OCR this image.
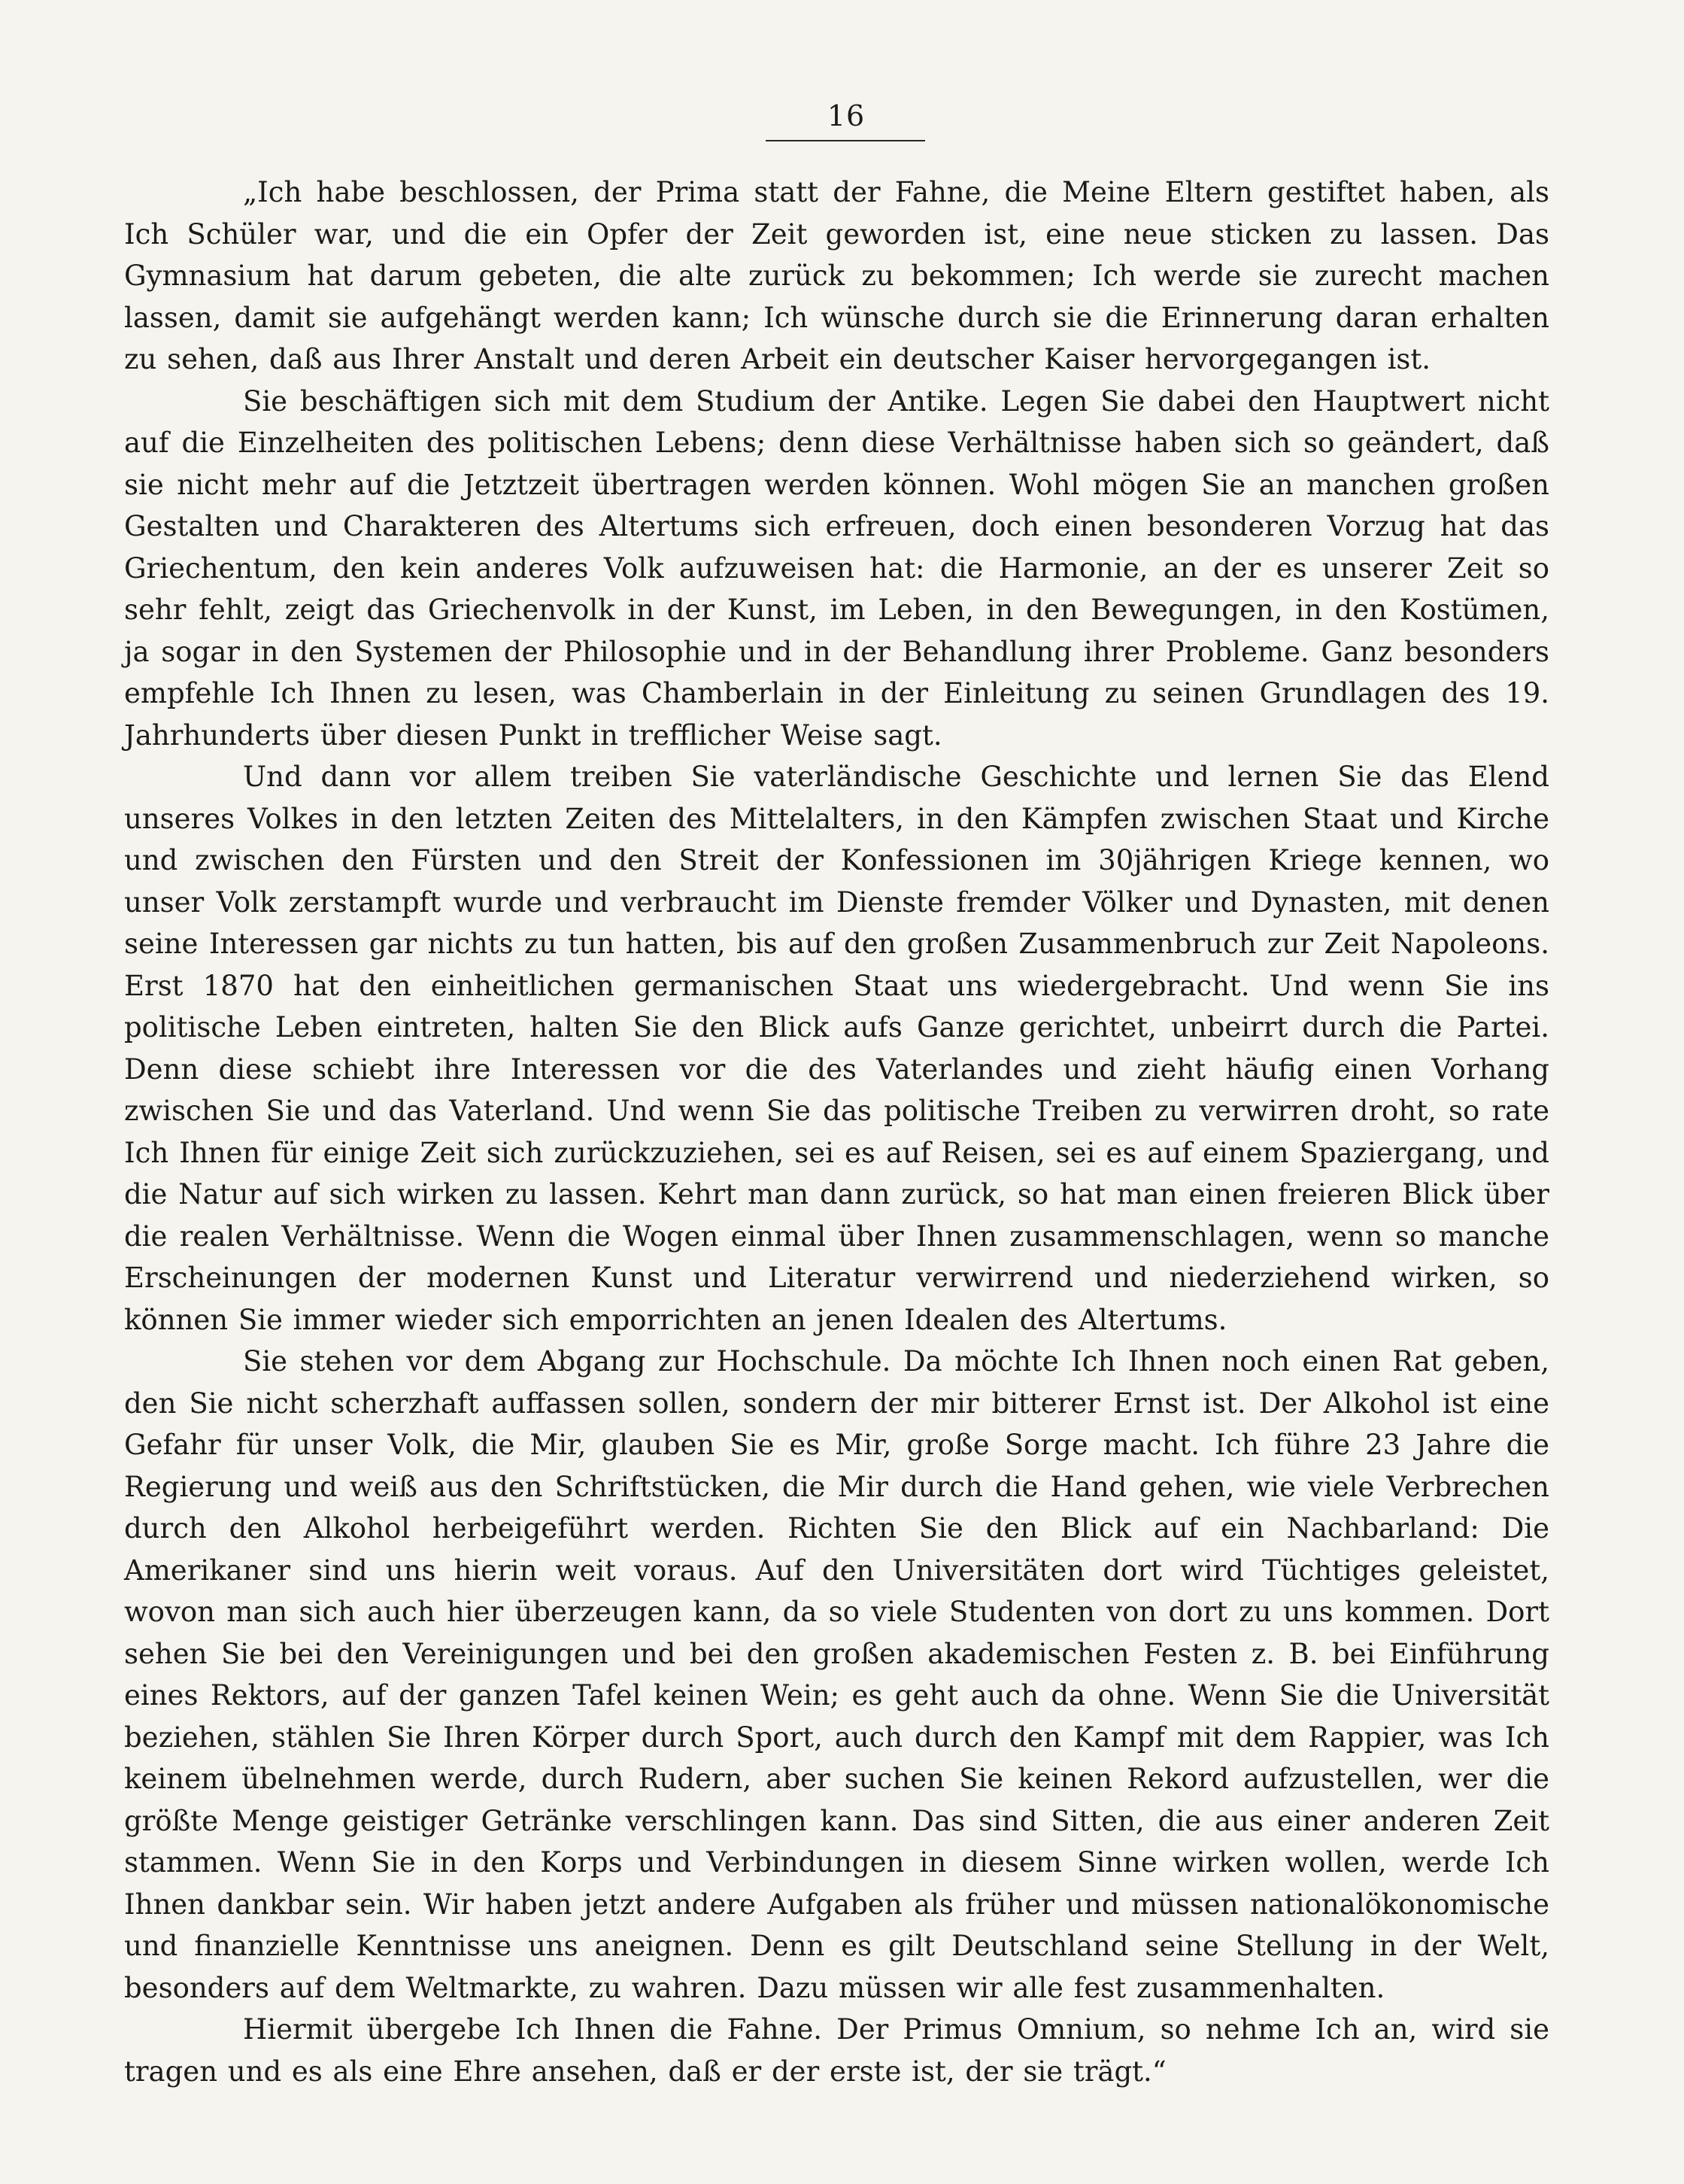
16

„Ich habe beschlossen, der Prima statt der Fahne, die Meine Eltern gestiftet haben, als Ich Schüler war, und die ein Opfer der Zeit geworden ist, eine neue sticken zu lassen. Das Gymnasium hat darum gebeten, die alte zurück zu bekommen; Ich werde sie zurecht machen lassen, damit sie aufgehängt werden kann; Ich wünsche durch sie die Erinnerung daran erhalten zu sehen, daß aus Ihrer Anstalt und deren Arbeit ein deutscher Kaiser hervorgegangen ist.

Sie beschäftigen sich mit dem Studium der Antike. Legen Sie dabei den Hauptwert nicht auf die Einzelheiten des politischen Lebens; denn diese Verhältnisse haben sich so geändert, daß sie nicht mehr auf die Jetztzeit übertragen werden können. Wohl mögen Sie an manchen großen Gestalten und Charakteren des Altertums sich erfreuen, doch einen besonderen Vorzug hat das Griechentum, den kein anderes Volk aufzuweisen hat: die Harmonie, an der es unserer Zeit so sehr fehlt, zeigt das Griechenvolk in der Kunst, im Leben, in den Bewegungen, in den Kostümen, ja sogar in den Systemen der Philosophie und in der Behandlung ihrer Probleme. Ganz besonders empfehle Ich Ihnen zu lesen, was Chamberlain in der Einleitung zu seinen Grundlagen des 19. Jahrhunderts über diesen Punkt in trefflicher Weise sagt.

Und dann vor allem treiben Sie vaterländische Geschichte und lernen Sie das Elend unseres Volkes in den letzten Zeiten des Mittelalters, in den Kämpfen zwischen Staat und Kirche und zwischen den Fürsten und den Streit der Konfessionen im 30jährigen Kriege kennen, wo unser Volk zerstampft wurde und verbraucht im Dienste fremder Völker und Dynasten, mit denen seine Interessen gar nichts zu tun hatten, bis auf den großen Zusammenbruch zur Zeit Napoleons. Erst 1870 hat den einheitlichen germanischen Staat uns wiedergebracht. Und wenn Sie ins politische Leben eintreten, halten Sie den Blick aufs Ganze gerichtet, unbeirrt durch die Partei. Denn diese schiebt ihre Interessen vor die des Vaterlandes und zieht häufig einen Vorhang zwischen Sie und das Vaterland. Und wenn Sie das politische Treiben zu verwirren droht, so rate Ich Ihnen für einige Zeit sich zurückzuziehen, sei es auf Reisen, sei es auf einem Spaziergang, und die Natur auf sich wirken zu lassen. Kehrt man dann zurück, so hat man einen freieren Blick über die realen Verhältnisse. Wenn die Wogen einmal über Ihnen zusammenschlagen, wenn so manche Erscheinungen der modernen Kunst und Literatur verwirrend und niederziehend wirken, so können Sie immer wieder sich emporrichten an jenen Idealen des Altertums.

Sie stehen vor dem Abgang zur Hochschule. Da möchte Ich Ihnen noch einen Rat geben, den Sie nicht scherzhaft auffassen sollen, sondern der mir bitterer Ernst ist. Der Alkohol ist eine Gefahr für unser Volk, die Mir, glauben Sie es Mir, große Sorge macht. Ich führe 23 Jahre die Regierung und weiß aus den Schriftstücken, die Mir durch die Hand gehen, wie viele Verbrechen durch den Alkohol herbeigeführt werden. Richten Sie den Blick auf ein Nachbarland: Die Amerikaner sind uns hierin weit voraus. Auf den Universitäten dort wird Tüchtiges geleistet, wovon man sich auch hier überzeugen kann, da so viele Studenten von dort zu uns kommen. Dort sehen Sie bei den Vereinigungen und bei den großen akademischen Festen z. B. bei Einführung eines Rektors, auf der ganzen Tafel keinen Wein; es geht auch da ohne. Wenn Sie die Universität beziehen, stählen Sie Ihren Körper durch Sport, auch durch den Kampf mit dem Rappier, was Ich keinem übelnehmen werde, durch Rudern, aber suchen Sie keinen Rekord aufzustellen, wer die größte Menge geistiger Getränke verschlingen kann. Das sind Sitten, die aus einer anderen Zeit stammen. Wenn Sie in den Korps und Verbindungen in diesem Sinne wirken wollen, werde Ich Ihnen dankbar sein. Wir haben jetzt andere Aufgaben als früher und müssen nationalökonomische und finanzielle Kenntnisse uns aneignen. Denn es gilt Deutschland seine Stellung in der Welt, besonders auf dem Weltmarkte, zu wahren. Dazu müssen wir alle fest zusammenhalten.

Hiermit übergebe Ich Ihnen die Fahne. Der Primus Omnium, so nehme Ich an, wird sie tragen und es als eine Ehre ansehen, daß er der erste ist, der sie trägt.“
